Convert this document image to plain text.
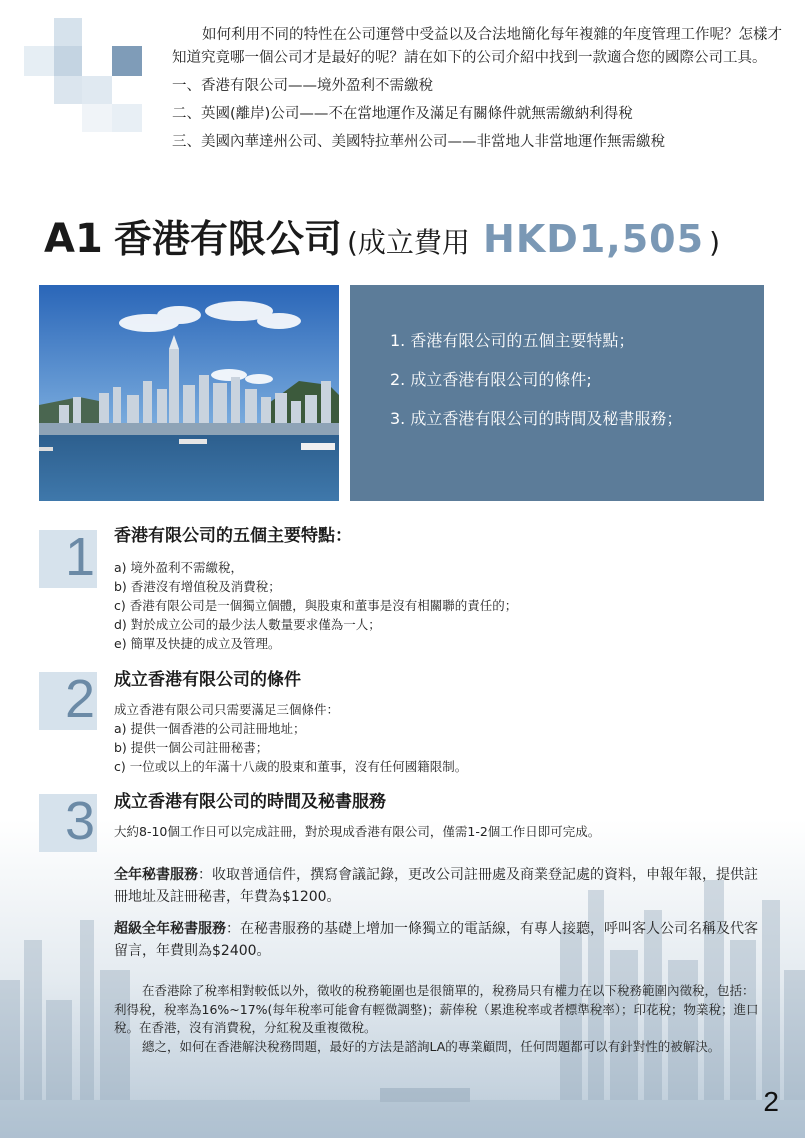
如何利用不同的特性在公司運營中受益以及合法地簡化每年複雜的年度管理工作呢？怎樣才知道究竟哪一個公司才是最好的呢？請在如下的公司介紹中找到一款適合您的國際公司工具。

一、香港有限公司——境外盈利不需繳稅

二、英國(離岸)公司——不在當地運作及滿足有關條件就無需繳納利得稅

三、美國內華達州公司、美國特拉華州公司——非當地人非當地運作無需繳稅

A1 香港有限公司 (成立費用 HKD1,505 )
1. 香港有限公司的五個主要特點；
2. 成立香港有限公司的條件;
3. 成立香港有限公司的時間及秘書服務；
1 香港有限公司的五個主要特點：
a) 境外盈利不需繳稅，
b) 香港沒有增值稅及消費稅；
c) 香港有限公司是一個獨立個體，與股東和董事是沒有相關聯的責任的；
d) 對於成立公司的最少法人數量要求僅為一人；
e) 簡單及快捷的成立及管理。
2 成立香港有限公司的條件
成立香港有限公司只需要滿足三個條件：
a) 提供一個香港的公司註冊地址；
b) 提供一個公司註冊秘書；
c) 一位或以上的年滿十八歲的股東和董事，沒有任何國籍限制。
3 成立香港有限公司的時間及秘書服務
大約8-10個工作日可以完成註冊，對於現成香港有限公司，僅需1-2個工作日即可完成。
全年秘書服務：收取普通信件，撰寫會議記錄，更改公司註冊處及商業登記處的資料，申報年報，提供註冊地址及註冊秘書，年費為$1200。
超級全年秘書服務：在秘書服務的基礎上增加一條獨立的電話線，有專人接聽，呼叫客人公司名稱及代客留言，年費則為$2400。

在香港除了稅率相對較低以外，徵收的稅務範圍也是很簡單的，稅務局只有權力在以下稅務範圍內徵稅，包括：利得稅，稅率為16%~17%(每年稅率可能會有輕微調整)；薪俸稅（累進稅率或者標準稅率）；印花稅；物業稅；進口稅。在香港，沒有消費稅，分紅稅及重複徵稅。

總之，如何在香港解決稅務問題，最好的方法是諮詢LA的專業顧問，任何問題都可以有針對性的被解決。

2
